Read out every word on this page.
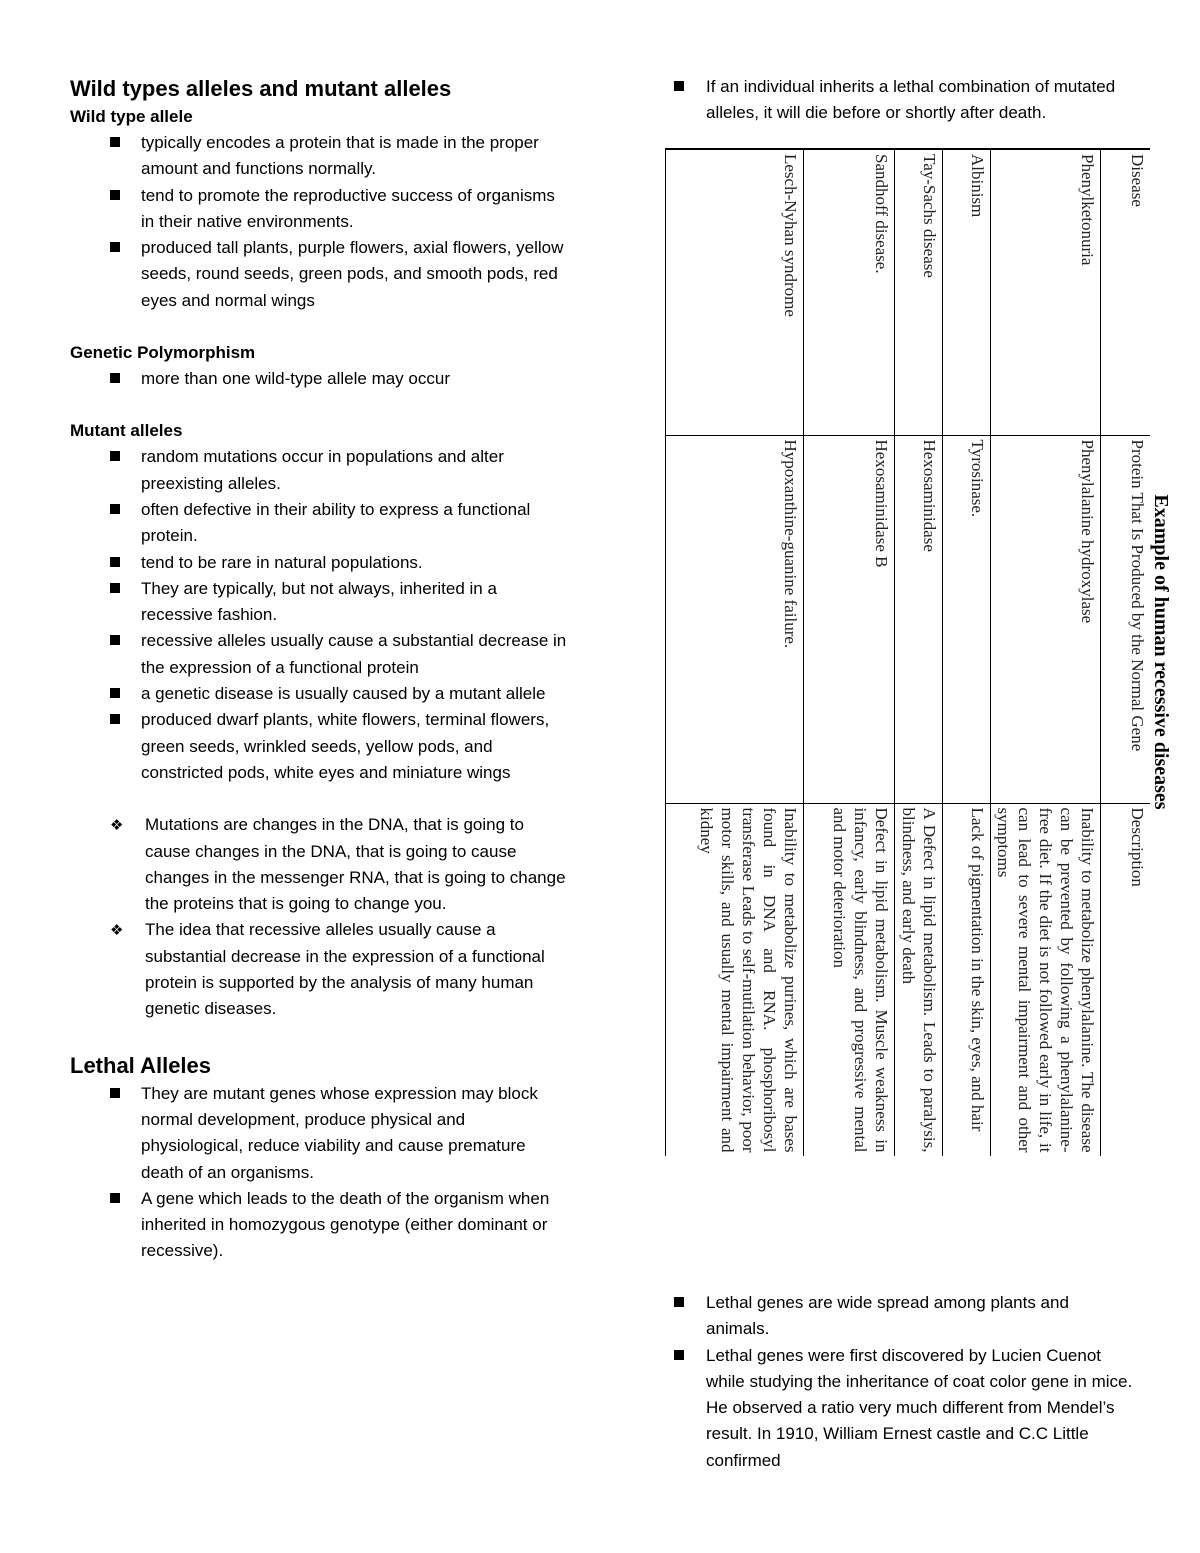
Wild types alleles and mutant alleles
Wild type allele
typically encodes a protein that is made in the proper amount and functions normally.
tend to promote the reproductive success of organisms in their native environments.
produced tall plants, purple flowers, axial flowers, yellow seeds, round seeds, green pods, and smooth pods, red eyes and normal wings
Genetic Polymorphism
more than one wild-type allele may occur
Mutant alleles
random mutations occur in populations and alter preexisting alleles.
often defective in their ability to express a functional protein.
tend to be rare in natural populations.
They are typically, but not always, inherited in a recessive fashion.
recessive alleles usually cause a substantial decrease in the expression of a functional protein
a genetic disease is usually caused by a mutant allele
produced dwarf plants, white flowers, terminal flowers, green seeds, wrinkled seeds, yellow pods, and constricted pods, white eyes and miniature wings
❖ Mutations are changes in the DNA, that is going to cause changes in the DNA, that is going to cause changes in the messenger RNA, that is going to change the proteins that is going to change you.
❖ The idea that recessive alleles usually cause a substantial decrease in the expression of a functional protein is supported by the analysis of many human genetic diseases.
Lethal Alleles
They are mutant genes whose expression may block normal development, produce physical and physiological, reduce viability and cause premature death of an organisms.
A gene which leads to the death of the organism when inherited in homozygous genotype (either dominant or recessive).
If an individual inherits a lethal combination of mutated alleles, it will die before or shortly after death.
Example of human recessive diseases
Disease	Protein That Is Produced by the Normal Gene	Description
Phenylketonuria	Phenylalanine hydroxylase	Inability to metabolize phenylalanine. The disease can be prevented by following a phenylalanine-free diet. If the diet is not followed early in life, it can lead to severe mental impairment and other symptoms
Albinism	Tyrosinase.	Lack of pigmentation in the skin, eyes, and hair
Tay-Sachs disease	Hexosaminidase	A Defect in lipid metabolism. Leads to paralysis, blindness, and early death
Sandhoff disease.	Hexosaminidase B	Defect in lipid metabolism. Muscle weakness in infancy, early blindness, and progressive mental and motor deterioration
Lesch-Nyhan syndrome	Hypoxanthine-guanine failure.	Inability to metabolize purines, which are bases found in DNA and RNA. phosphoribosyl transferase Leads to self-mutilation behavior, poor motor skills, and usually mental impairment and kidney
Lethal genes are wide spread among plants and animals.
Lethal genes were first discovered by Lucien Cuenot while studying the inheritance of coat color gene in mice. He observed a ratio very much different from Mendel’s result. In 1910, William Ernest castle and C.C Little confirmed
